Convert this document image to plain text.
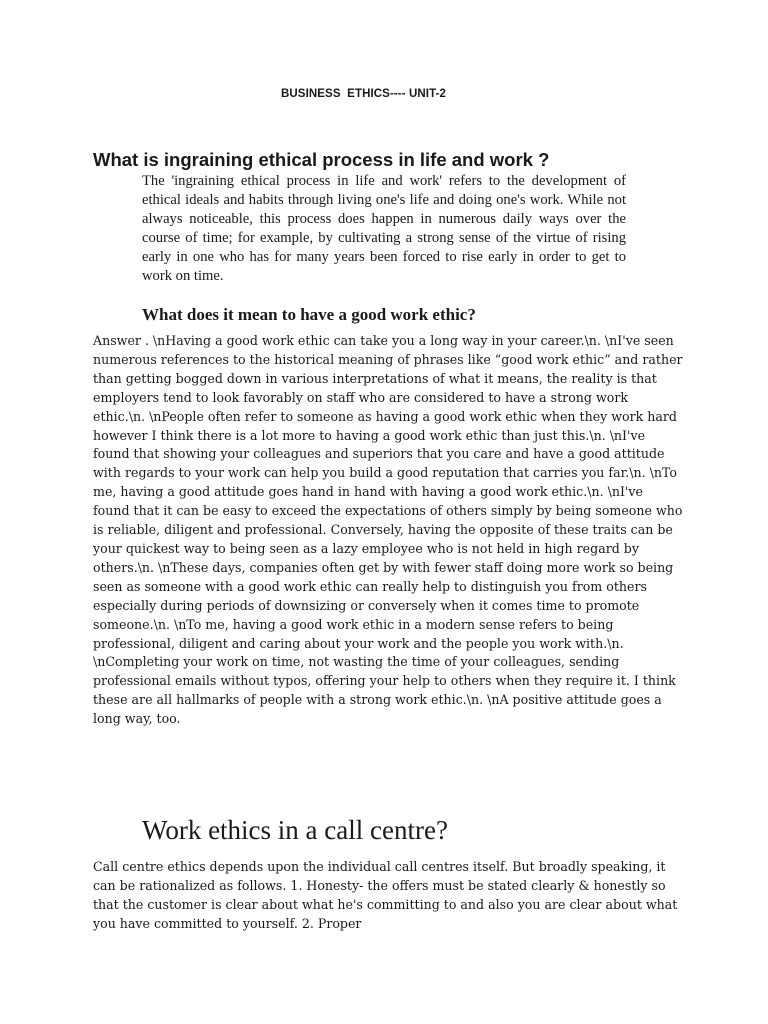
BUSINESS  ETHICS---- UNIT-2

What is ingraining ethical process in life and work ?

The 'ingraining ethical process in life and work' refers to the development of ethical ideals and habits through living one's life and doing one's work. While not always noticeable, this process does happen in numerous daily ways over the course of time; for example, by cultivating a strong sense of the virtue of rising early in one who has for many years been forced to rise early in order to get to work on time.

What does it mean to have a good work ethic?

Answer . \nHaving a good work ethic can take you a long way in your career.\n. \nI've seen numerous references to the historical meaning of phrases like “good work ethic” and rather than getting bogged down in various interpretations of what it means, the reality is that employers tend to look favorably on staff who are considered to have a strong work ethic.\n. \nPeople often refer to someone as having a good work ethic when they work hard however I think there is a lot more to having a good work ethic than just this.\n. \nI've found that showing your colleagues and superiors that you care and have a good attitude with regards to your work can help you build a good reputation that carries you far.\n. \nTo me, having a good attitude goes hand in hand with having a good work ethic.\n. \nI've found that it can be easy to exceed the expectations of others simply by being someone who is reliable, diligent and professional. Conversely, having the opposite of these traits can be your quickest way to being seen as a lazy employee who is not held in high regard by others.\n. \nThese days, companies often get by with fewer staff doing more work so being seen as someone with a good work ethic can really help to distinguish you from others especially during periods of downsizing or conversely when it comes time to promote someone.\n. \nTo me, having a good work ethic in a modern sense refers to being professional, diligent and caring about your work and the people you work with.\n. \nCompleting your work on time, not wasting the time of your colleagues, sending professional emails without typos, offering your help to others when they require it. I think these are all hallmarks of people with a strong work ethic.\n. \nA positive attitude goes a long way, too.

Work ethics in a call centre?

Call centre ethics depends upon the individual call centres itself. But broadly speaking, it can be rationalized as follows. 1. Honesty- the offers must be stated clearly & honestly so that the customer is clear about what he's committing to and also you are clear about what you have committed to yourself. 2. Proper
